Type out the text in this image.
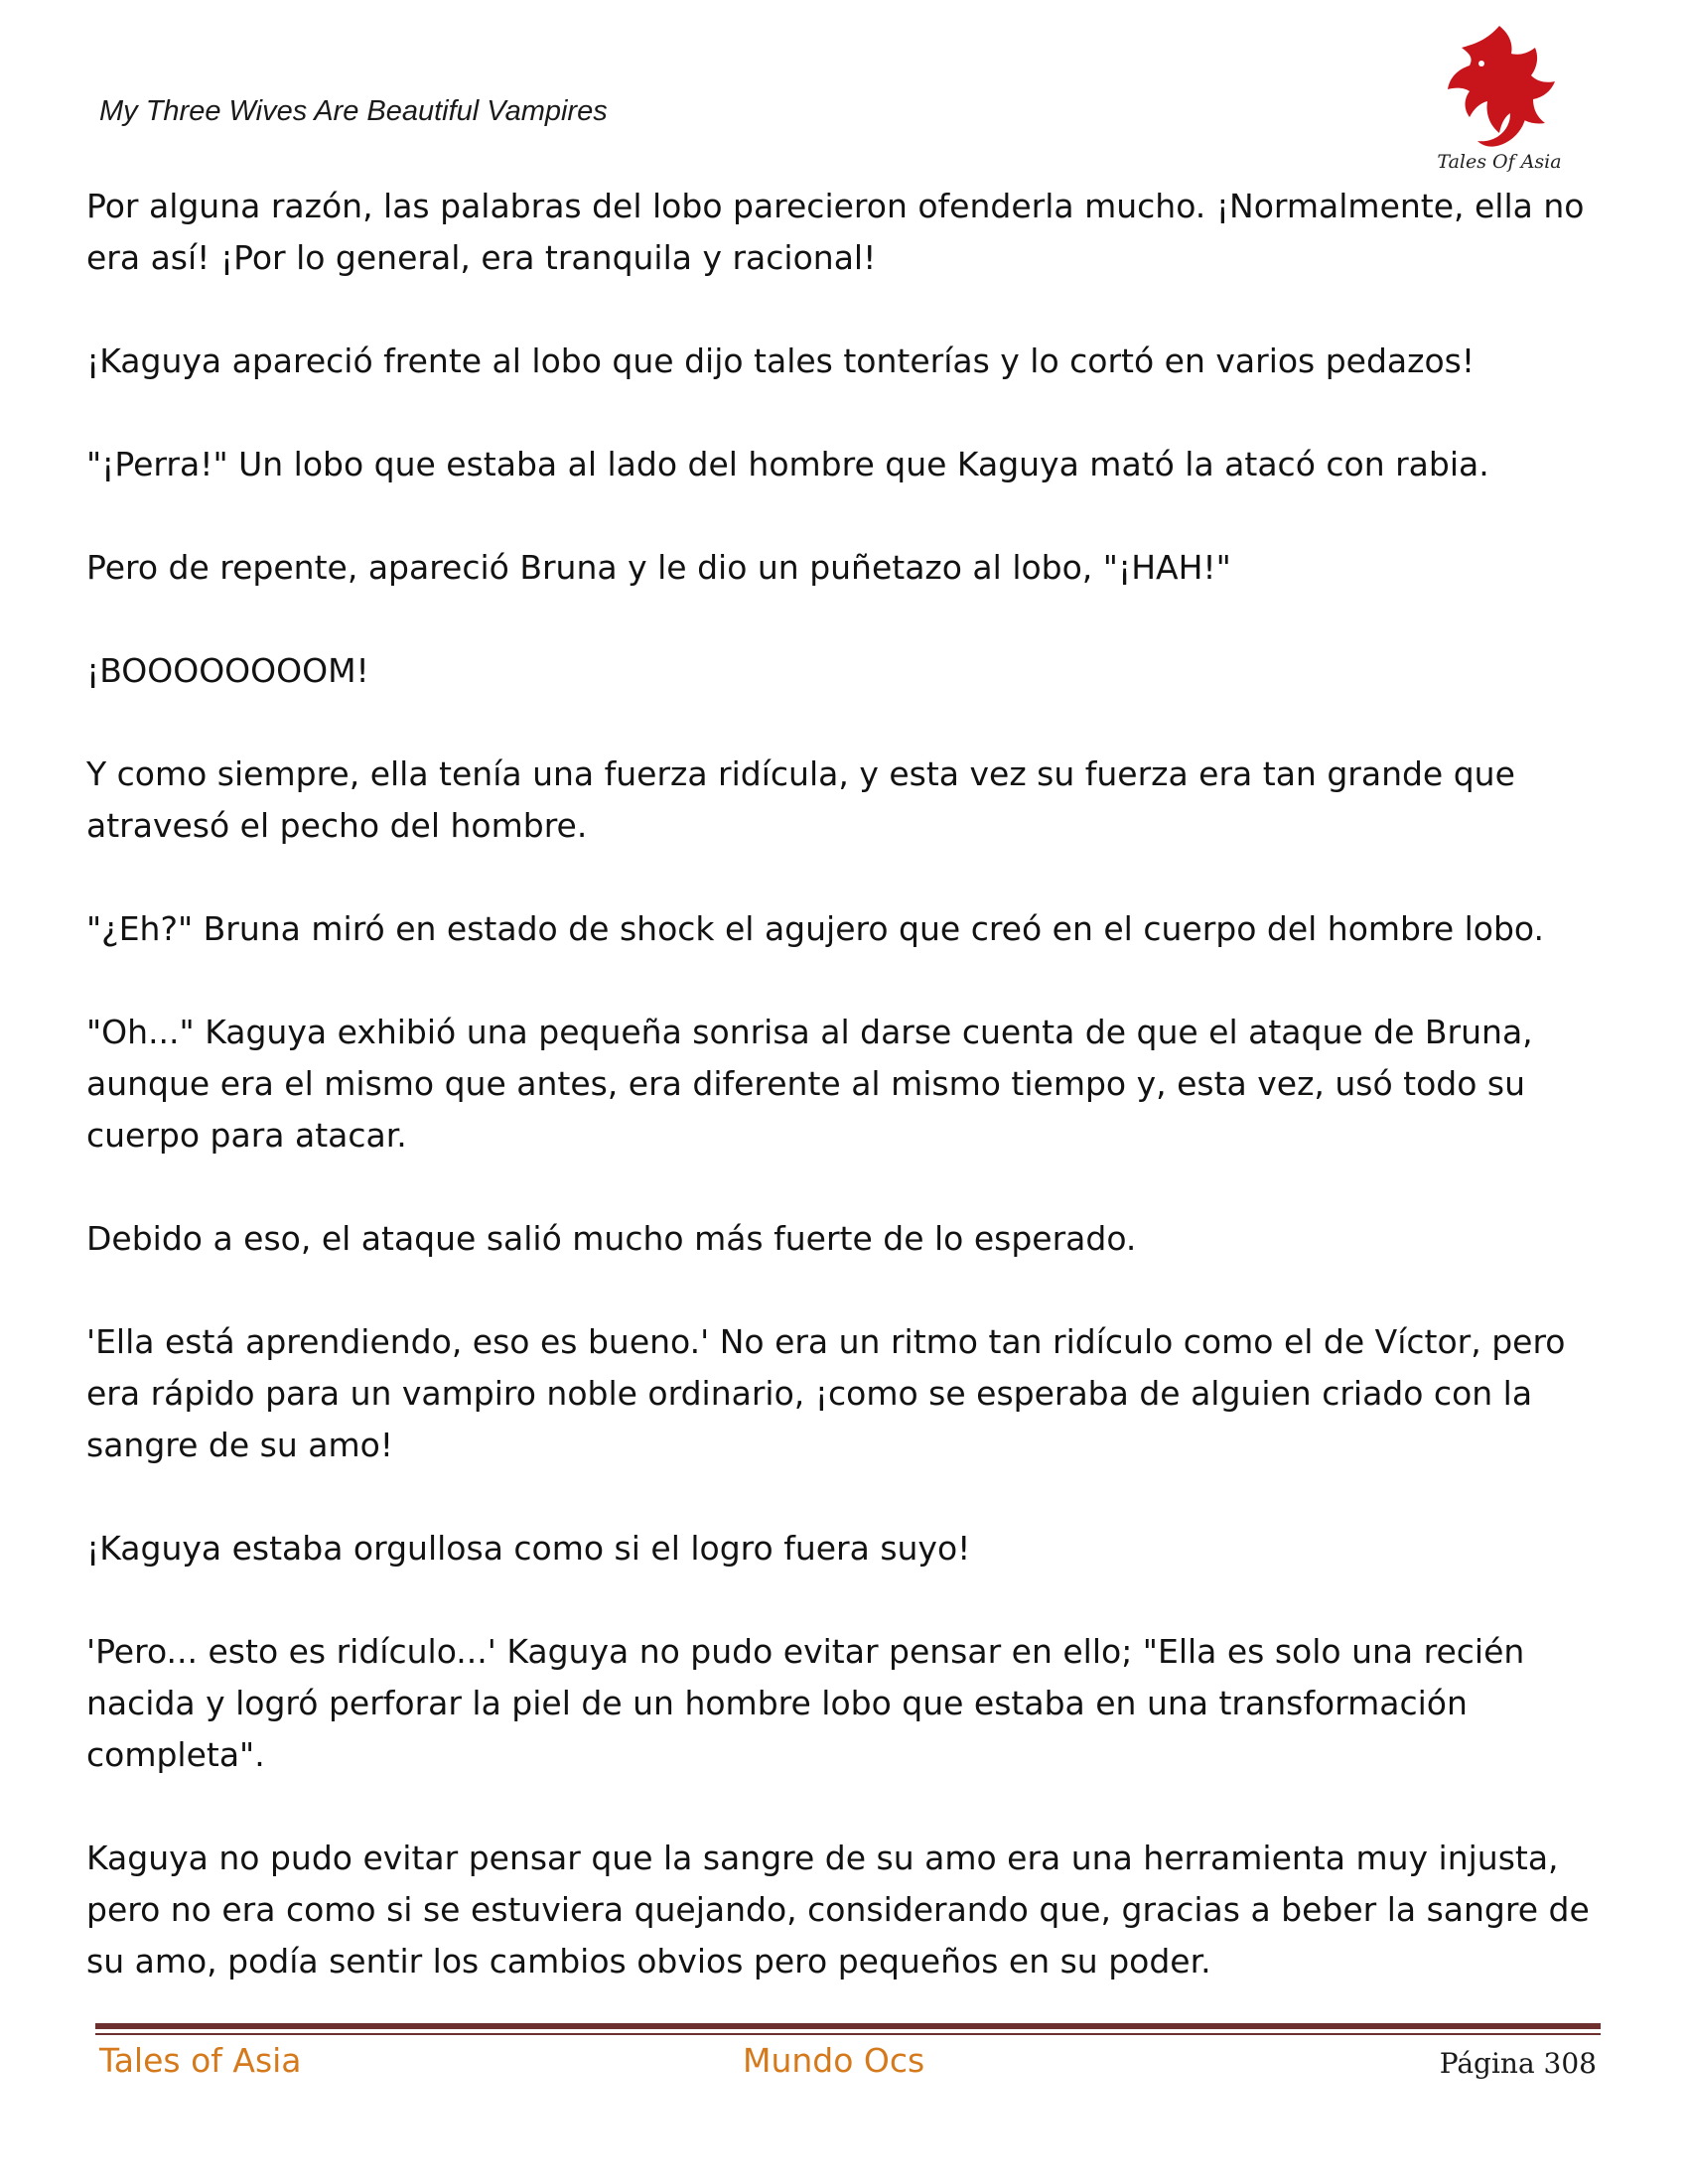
My Three Wives Are Beautiful Vampires
Tales Of Asia

Por alguna razón, las palabras del lobo parecieron ofenderla mucho. ¡Normalmente, ella no era así! ¡Por lo general, era tranquila y racional!

¡Kaguya apareció frente al lobo que dijo tales tonterías y lo cortó en varios pedazos!

"¡Perra!" Un lobo que estaba al lado del hombre que Kaguya mató la atacó con rabia.

Pero de repente, apareció Bruna y le dio un puñetazo al lobo, "¡HAH!"

¡BOOOOOOOOM!

Y como siempre, ella tenía una fuerza ridícula, y esta vez su fuerza era tan grande que atravesó el pecho del hombre.

"¿Eh?" Bruna miró en estado de shock el agujero que creó en el cuerpo del hombre lobo.

"Oh..." Kaguya exhibió una pequeña sonrisa al darse cuenta de que el ataque de Bruna, aunque era el mismo que antes, era diferente al mismo tiempo y, esta vez, usó todo su cuerpo para atacar.

Debido a eso, el ataque salió mucho más fuerte de lo esperado.

'Ella está aprendiendo, eso es bueno.' No era un ritmo tan ridículo como el de Víctor, pero era rápido para un vampiro noble ordinario, ¡como se esperaba de alguien criado con la sangre de su amo!

¡Kaguya estaba orgullosa como si el logro fuera suyo!

'Pero... esto es ridículo...' Kaguya no pudo evitar pensar en ello; "Ella es solo una recién nacida y logró perforar la piel de un hombre lobo que estaba en una transformación completa".

Kaguya no pudo evitar pensar que la sangre de su amo era una herramienta muy injusta, pero no era como si se estuviera quejando, considerando que, gracias a beber la sangre de su amo, podía sentir los cambios obvios pero pequeños en su poder.

Tales of Asia	Mundo Ocs	Página 308
